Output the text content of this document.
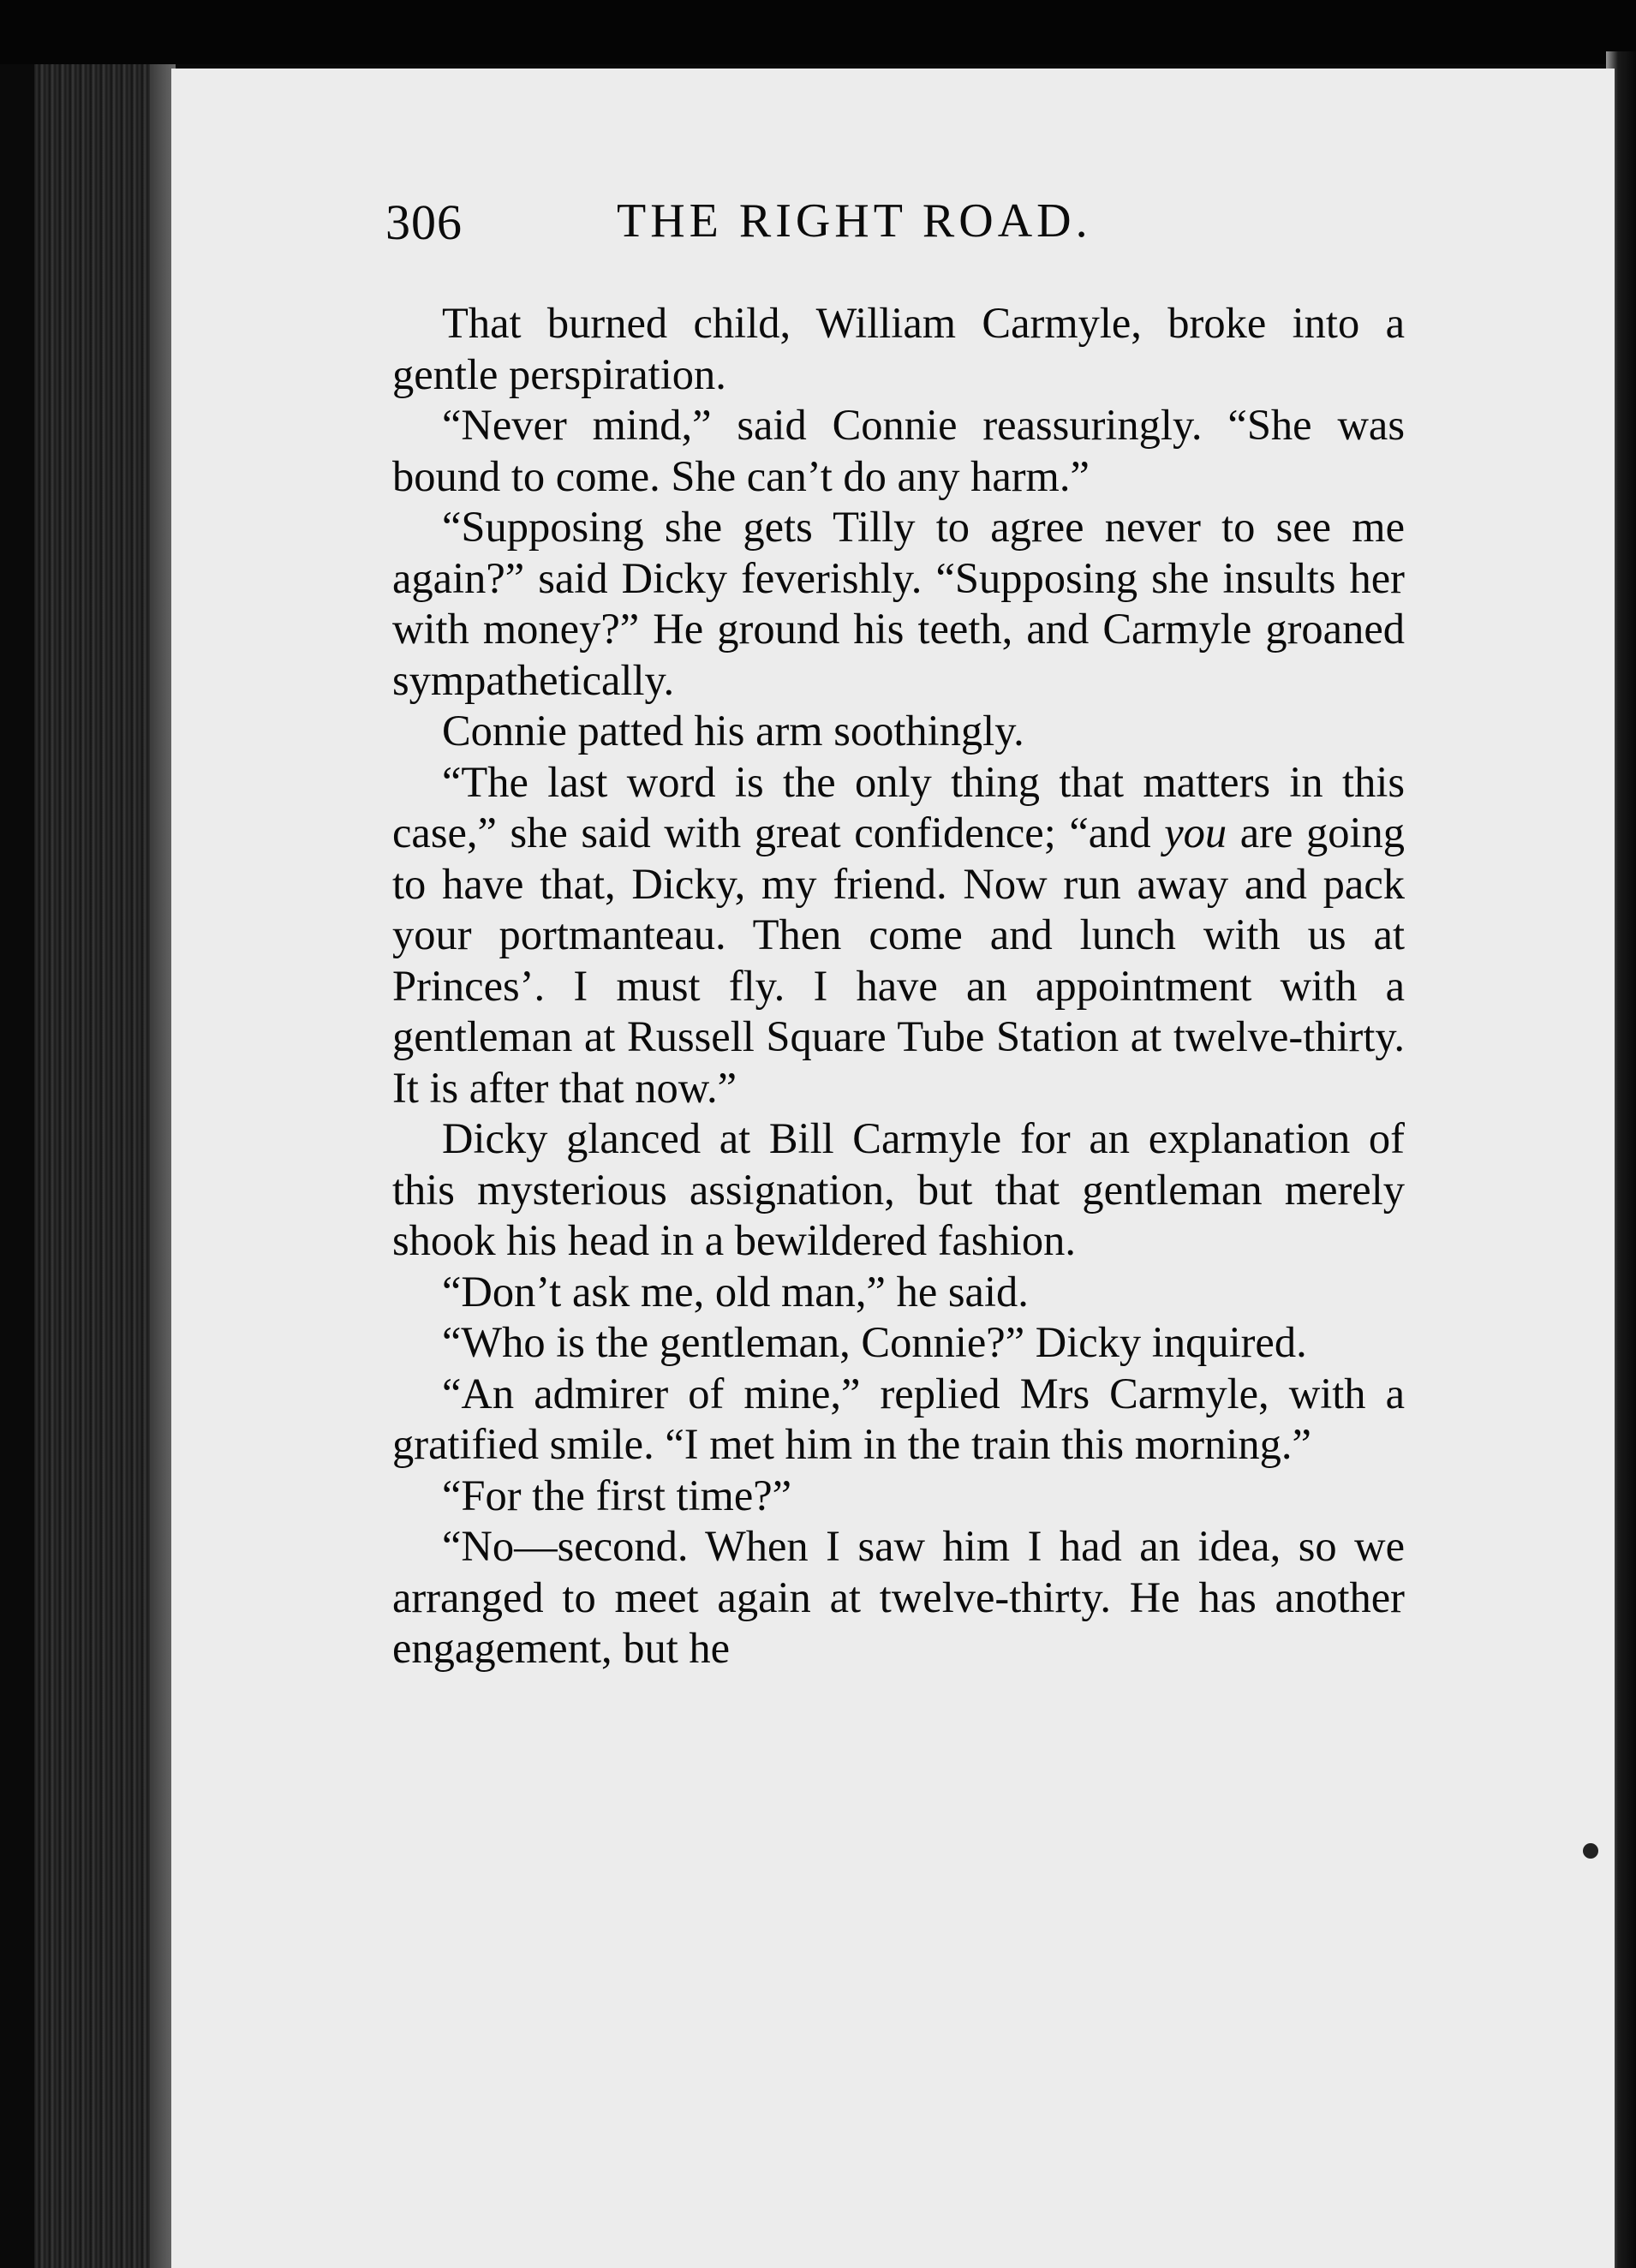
306	THE RIGHT ROAD.

That burned child, William Carmyle, broke into a gentle perspiration.

“Never mind,” said Connie reassuringly. “She was bound to come. She can’t do any harm.”

“Supposing she gets Tilly to agree never to see me again?” said Dicky feverishly. “Supposing she insults her with money?” He ground his teeth, and Carmyle groaned sympathetically.

Connie patted his arm soothingly.

“The last word is the only thing that matters in this case,” she said with great confidence; “and you are going to have that, Dicky, my friend. Now run away and pack your portmanteau. Then come and lunch with us at Princes’. I must fly. I have an appointment with a gentleman at Russell Square Tube Station at twelve-thirty. It is after that now.”

Dicky glanced at Bill Carmyle for an explanation of this mysterious assignation, but that gentleman merely shook his head in a bewildered fashion.

“Don’t ask me, old man,” he said.

“Who is the gentleman, Connie?” Dicky inquired.

“An admirer of mine,” replied Mrs Carmyle, with a gratified smile. “I met him in the train this morning.”

“For the first time?”

“No—second. When I saw him I had an idea, so we arranged to meet again at twelve-thirty. He has another engagement, but he
